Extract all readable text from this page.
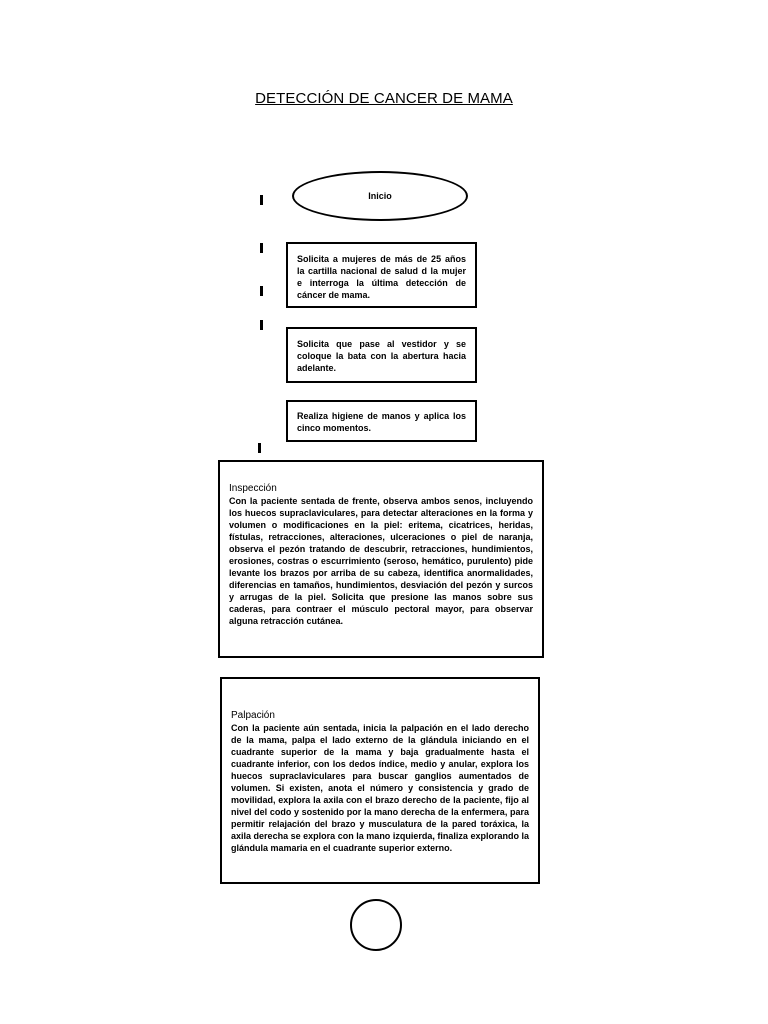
DETECCIÓN DE CANCER DE MAMA
Inicio
Solicita a mujeres de más de 25 años la cartilla nacional de salud d la mujer e interroga la última detección de cáncer de mama.
Solicita que pase al vestidor y se coloque la bata con la abertura hacia adelante.
Realiza higiene de manos y aplica los cinco momentos.
Inspección
Con la paciente sentada de frente, observa ambos senos, incluyendo los huecos supraclaviculares, para detectar alteraciones en la forma y volumen o modificaciones en la piel: eritema, cicatrices, heridas, fístulas, retracciones, alteraciones, ulceraciones o piel de naranja, observa el pezón tratando de descubrir, retracciones, hundimientos, erosiones, costras o escurrimiento (seroso, hemático, purulento) pide levante los brazos por arriba de su cabeza, identifica anormalidades, diferencias en tamaños, hundimientos, desviación del pezón y surcos y arrugas de la piel. Solicita que presione las manos sobre sus caderas, para contraer el músculo pectoral mayor, para observar alguna retracción cutánea.
Palpación
Con la paciente aún sentada, inicia la palpación en el lado derecho de la mama, palpa el lado externo de la glándula iniciando en el cuadrante superior de la mama y baja gradualmente hasta el cuadrante inferior, con los dedos índice, medio y anular, explora los huecos supraclaviculares para buscar ganglios aumentados de volumen. Si existen, anota el número y consistencia y grado de movilidad, explora la axila con el brazo derecho de la paciente, fijo al nivel del codo y sostenido por la mano derecha de la enfermera, para permitir relajación del brazo y musculatura de la pared toráxica, la axila derecha se explora con la mano izquierda, finaliza explorando la glándula mamaria en el cuadrante superior externo.
